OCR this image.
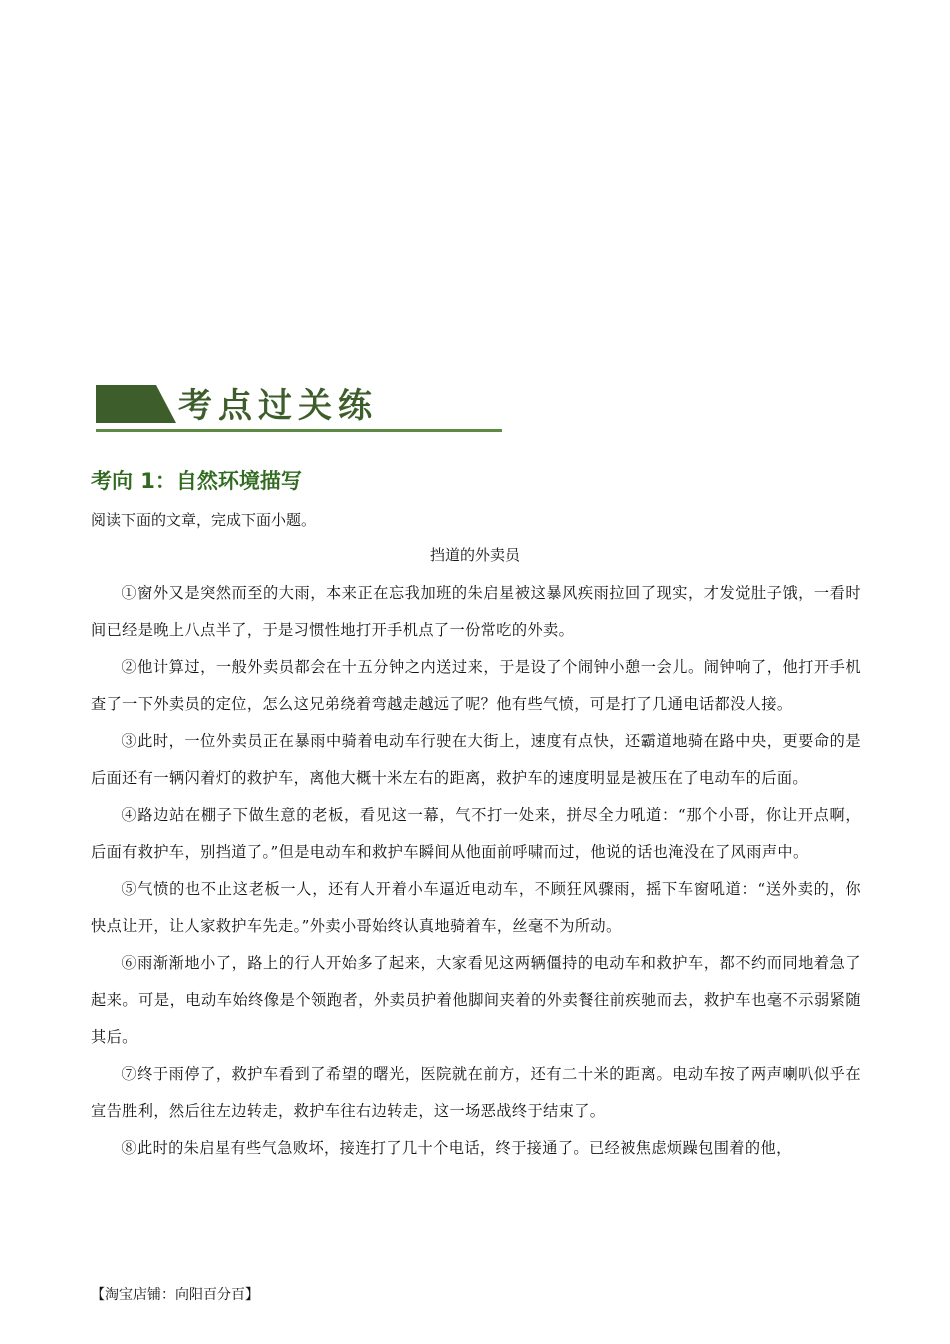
考点过关练
考向 1：自然环境描写
阅读下面的文章，完成下面小题。
挡道的外卖员

①窗外又是突然而至的大雨，本来正在忘我加班的朱启星被这暴风疾雨拉回了现实，才发觉肚子饿，一看时间已经是晚上八点半了，于是习惯性地打开手机点了一份常吃的外卖。

②他计算过，一般外卖员都会在十五分钟之内送过来，于是设了个闹钟小憩一会儿。闹钟响了，他打开手机查了一下外卖员的定位，怎么这兄弟绕着弯越走越远了呢？他有些气愤，可是打了几通电话都没人接。

③此时，一位外卖员正在暴雨中骑着电动车行驶在大街上，速度有点快，还霸道地骑在路中央，更要命的是后面还有一辆闪着灯的救护车，离他大概十米左右的距离，救护车的速度明显是被压在了电动车的后面。

④路边站在棚子下做生意的老板，看见这一幕，气不打一处来，拼尽全力吼道：“那个小哥，你让开点啊，后面有救护车，别挡道了。”但是电动车和救护车瞬间从他面前呼啸而过，他说的话也淹没在了风雨声中。

⑤气愤的也不止这老板一人，还有人开着小车逼近电动车，不顾狂风骤雨，摇下车窗吼道：“送外卖的，你快点让开，让人家救护车先走。”外卖小哥始终认真地骑着车，丝毫不为所动。

⑥雨渐渐地小了，路上的行人开始多了起来，大家看见这两辆僵持的电动车和救护车，都不约而同地着急了起来。可是，电动车始终像是个领跑者，外卖员护着他脚间夹着的外卖餐往前疾驰而去，救护车也毫不示弱紧随其后。

⑦终于雨停了，救护车看到了希望的曙光，医院就在前方，还有二十米的距离。电动车按了两声喇叭似乎在宣告胜利，然后往左边转走，救护车往右边转走，这一场恶战终于结束了。

⑧此时的朱启星有些气急败坏，接连打了几十个电话，终于接通了。已经被焦虑烦躁包围着的他，

【淘宝店铺：向阳百分百】
